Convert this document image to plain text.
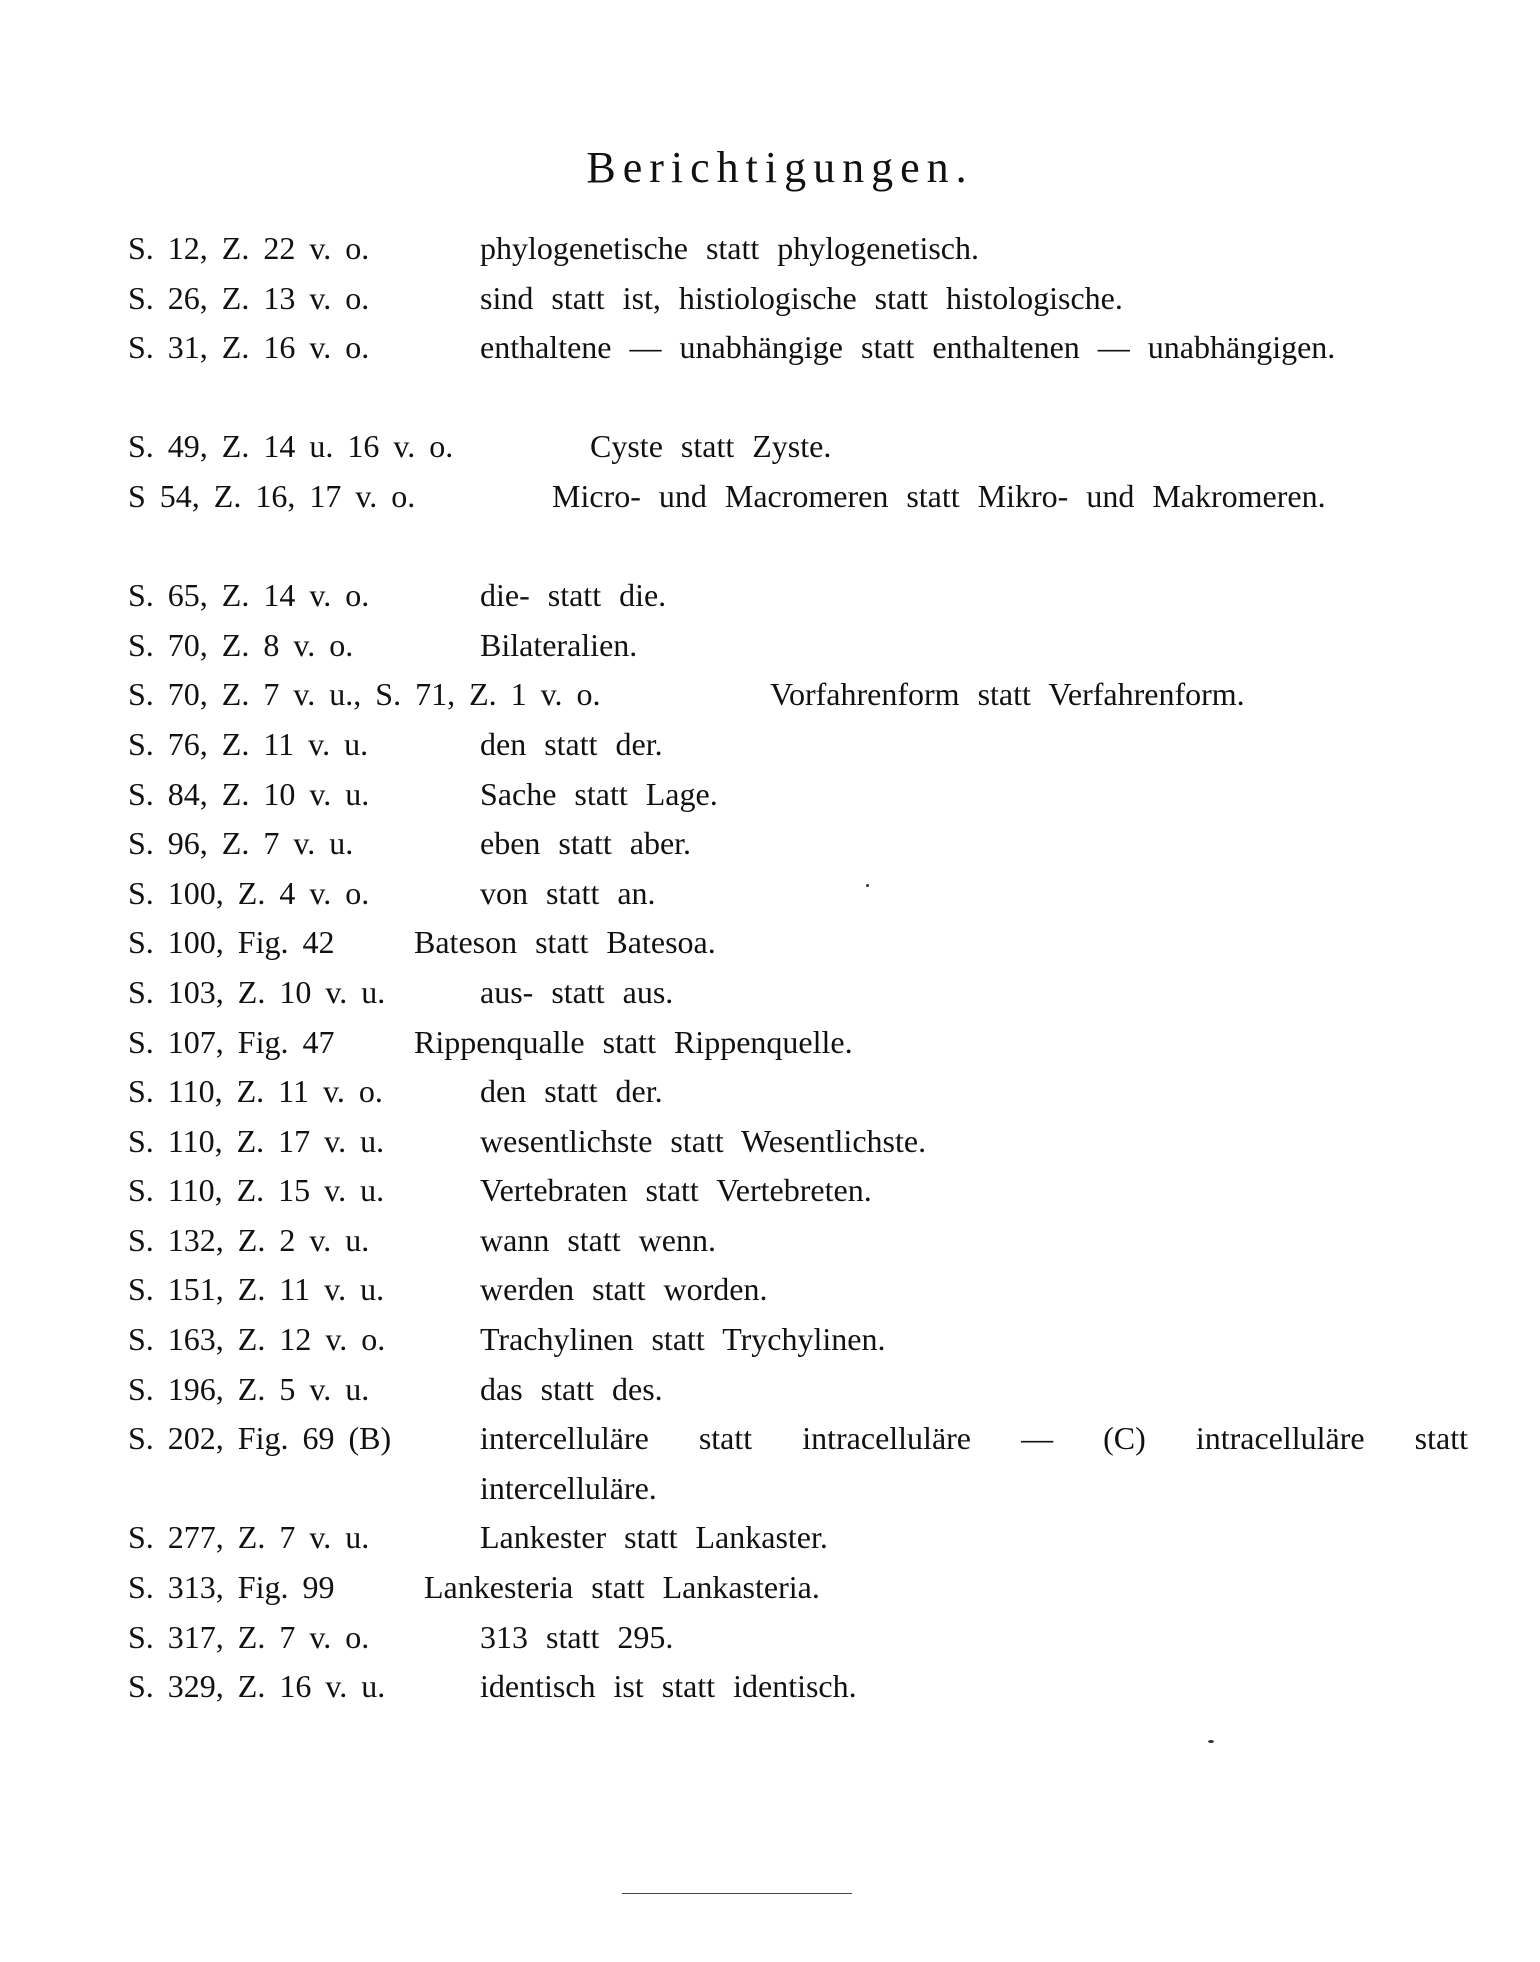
Berichtigungen.
S. 12, Z. 22 v. o.	phylogenetische statt phylogenetisch.
S. 26, Z. 13 v. o.	sind statt ist, histiologische statt histologische.
S. 31, Z. 16 v. o.	enthaltene — unabhängige statt enthaltenen — unabhängigen.
S. 49, Z. 14 u. 16 v. o.	Cyste statt Zyste.
S 54, Z. 16, 17 v. o.	Micro- und Macromeren statt Mikro- und Makromeren.
S. 65, Z. 14 v. o.	die- statt die.
S. 70, Z. 8 v. o.	Bilateralien.
S. 70, Z. 7 v. u., S. 71, Z. 1 v. o.	Vorfahrenform statt Verfahrenform.
S. 76, Z. 11 v. u.	den statt der.
S. 84, Z. 10 v. u.	Sache statt Lage.
S. 96, Z. 7 v. u.	eben statt aber.
S. 100, Z. 4 v. o.	von statt an.
S. 100, Fig. 42 Bateson statt Batesoa.
S. 103, Z. 10 v. u.	aus- statt aus.
S. 107, Fig. 47 Rippenqualle statt Rippenquelle.
S. 110, Z. 11 v. o.	den statt der.
S. 110, Z. 17 v. u.	wesentlichste statt Wesentlichste.
S. 110, Z. 15 v. u.	Vertebraten statt Vertebreten.
S. 132, Z. 2 v. u.	wann statt wenn.
S. 151, Z. 11 v. u.	werden statt worden.
S. 163, Z. 12 v. o.	Trachylinen statt Trychylinen.
S. 196, Z. 5 v. u.	das statt des.
S. 202, Fig. 69 (B)	intercelluläre statt intracelluläre — (C) intracelluläre statt intercelluläre.
S. 277, Z. 7 v. u.	Lankester statt Lankaster.
S. 313, Fig. 99	Lankesteria statt Lankasteria.
S. 317, Z. 7 v. o.	313 statt 295.
S. 329, Z. 16 v. u.	identisch ist statt identisch.
